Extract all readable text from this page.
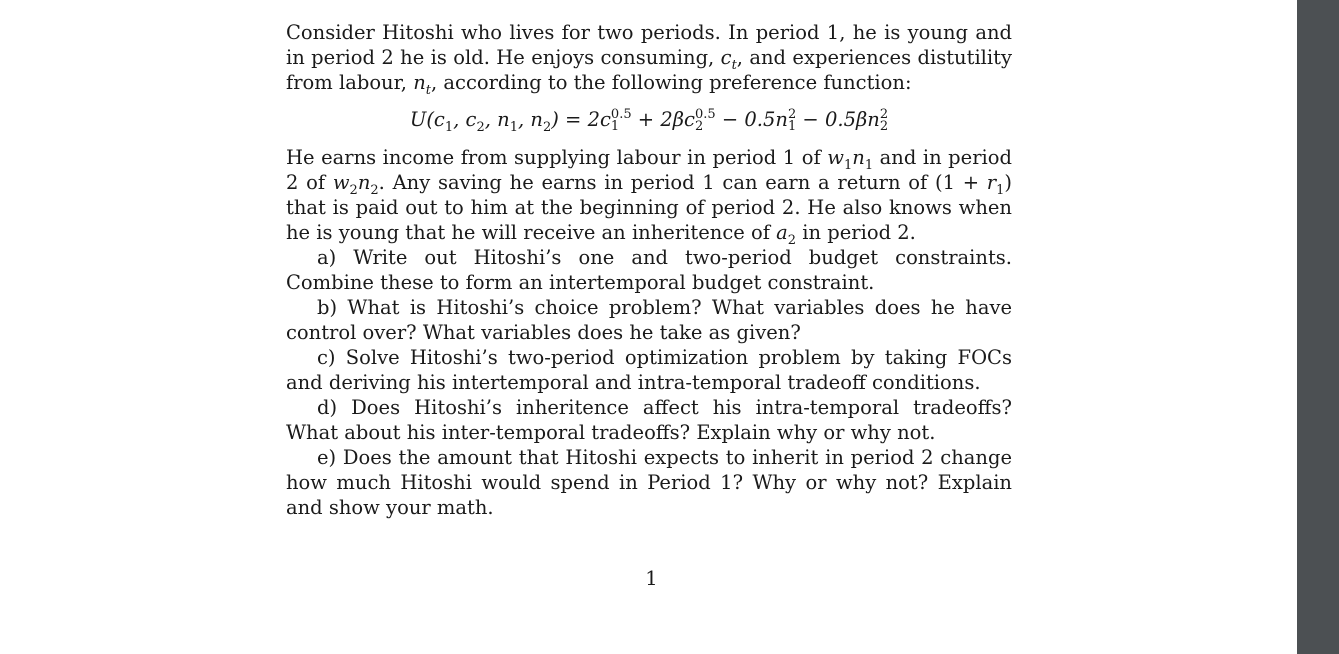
Consider Hitoshi who lives for two periods. In period 1, he is young and in period 2 he is old. He enjoys consuming, $c_t$, and experiences distutility from labour, $n_t$, according to the following preference function:

$U(c_1$, $c_2$, $n_1$, $n_2) = 2c$ 0.5
1 + 2βc 0.5
2 − 0.5n 2
1 − 0.5βn 2
2

He earns income from supplying labour in period 1 of $w_1n_1$ and in period 2 of $w_2n_2$. Any saving he earns in period 1 can earn a return of $(1 + r_1)$ that is paid out to him at the beginning of period 2. He also knows when he is young that he will receive an inheritence of $a_2$ in period 2.

a) Write out Hitoshi’s one and two-period budget constraints. Combine these to form an intertemporal budget constraint.

b) What is Hitoshi’s choice problem? What variables does he have control over? What variables does he take as given?

c) Solve Hitoshi’s two-period optimization problem by taking FOCs and deriving his intertemporal and intra-temporal tradeoff conditions.

d) Does Hitoshi’s inheritence affect his intra-temporal tradeoffs? What about his inter-temporal tradeoffs? Explain why or why not.

e) Does the amount that Hitoshi expects to inherit in period 2 change how much Hitoshi would spend in Period 1? Why or why not? Explain and show your math.

1
